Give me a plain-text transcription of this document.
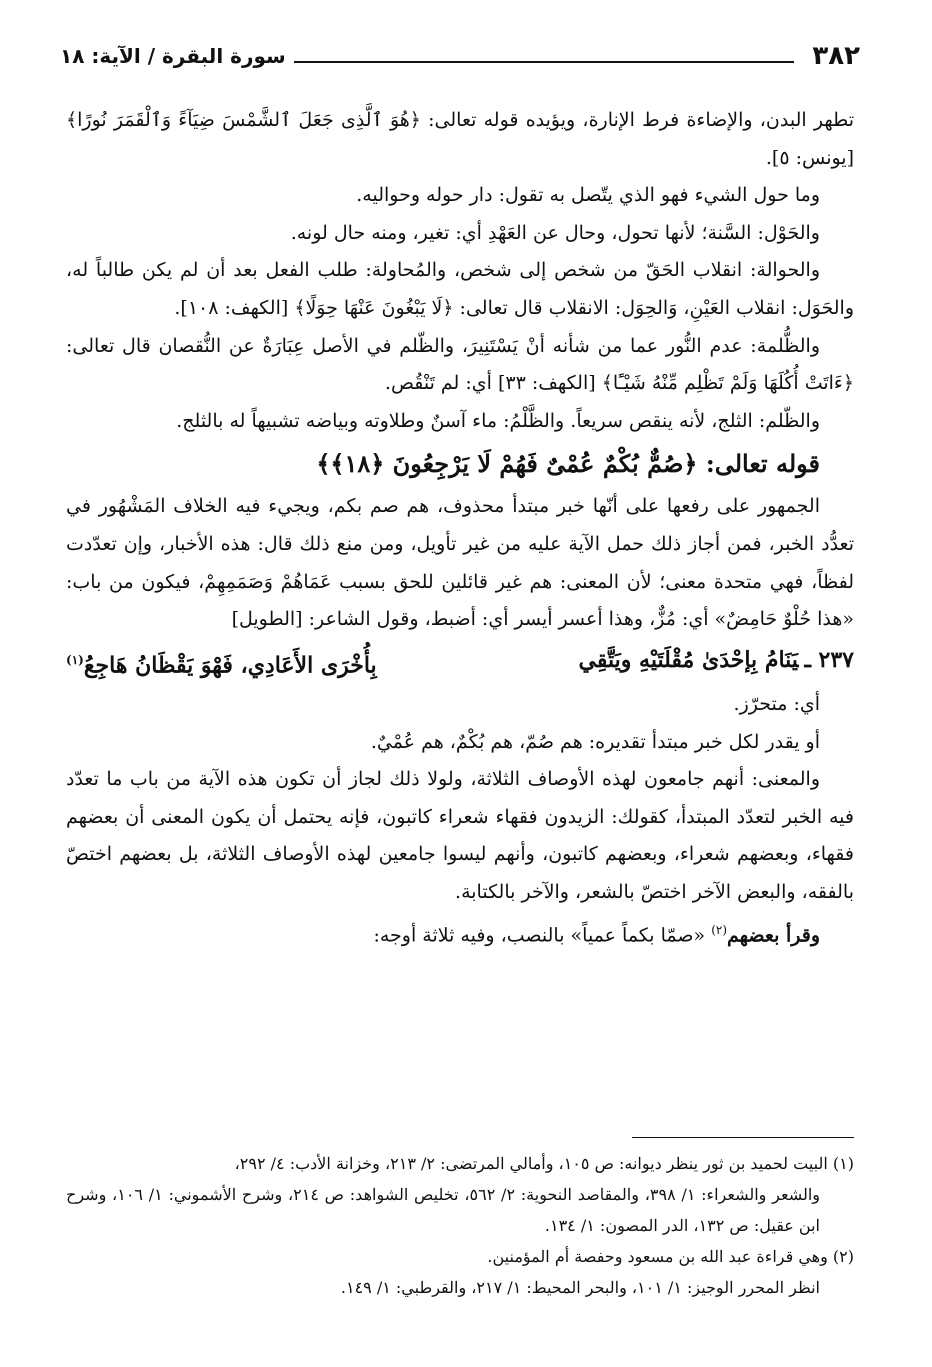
٣٨٢
سورة البقرة / الآية: ١٨

تطهر البدن، والإضاءة فرط الإنارة، ويؤيده قوله تعالى: ﴿هُوَ ٱلَّذِى جَعَلَ ٱلشَّمْسَ ضِيَآءً وَٱلْقَمَرَ نُورًا﴾ [يونس: ٥].

وما حول الشيء فهو الذي يتّصل به تقول: دار حوله وحواليه.

والحَوْل: السَّنة؛ لأنها تحول، وحال عن العَهْدِ أي: تغير، ومنه حال لونه.

والحوالة: انقلاب الحَقّ من شخص إلى شخص، والمُحاولة: طلب الفعل بعد أن لم يكن طالباً له، والحَوَل: انقلاب العَيْنِ، وَالحِوَل: الانقلاب قال تعالى: ﴿لَا يَبْغُونَ عَنْهَا حِوَلًا﴾ [الكهف: ١٠٨].

والظُّلمة: عدم النُّور عما من شأنه أنْ يَسْتَنِيرَ، والظّلم في الأصل عِبَارَةٌ عن النُّقصان قال تعالى: ﴿ءَاتَتْ أُكُلَهَا وَلَمْ تَظْلِم مِّنْهُ شَيْـًٔا﴾ [الكهف: ٣٣] أي: لم تَنْقُص.

والظّلم: الثلج، لأنه ينقص سريعاً. والظَّلْمُ: ماء آسنٌ وطلاوته وبياضه تشبيهاً له بالثلج.

قوله تعالى: ﴿صُمٌّ بُكْمٌ عُمْىٌ فَهُمْ لَا يَرْجِعُونَ ﴿١٨﴾﴾

الجمهور على رفعها على أنّها خبر مبتدأ محذوف، هم صم بكم، ويجيء فيه الخلاف المَشْهُور في تعدُّد الخبر، فمن أجاز ذلك حمل الآية عليه من غير تأويل، ومن منع ذلك قال: هذه الأخبار، وإن تعدّدت لفظاً، فهي متحدة معنى؛ لأن المعنى: هم غير قائلين للحق بسبب عَمَاهُمْ وَصَمَمِهِمْ، فيكون من باب: «هذا حُلْوٌ حَامِضٌ» أي: مُزٌّ، وهذا أعسر أيسر أي: أضبط، وقول الشاعر: [الطويل]

٢٣٧ ـيَنَامُ بِإحْدَىٰ مُقْلَتَيْهِ ويَتَّقِي
بِأُخْرَى الأَعَادِي، فَهْوَ يَقْظَانُ هَاجِعُ$^{(١)}$

أي: متحرّز.

أو يقدر لكل خبر مبتدأ تقديره: هم صُمّ، هم بُكْمٌ، هم عُمْيٌ.

والمعنى: أنهم جامعون لهذه الأوصاف الثلاثة، ولولا ذلك لجاز أن تكون هذه الآية من باب ما تعدّد فيه الخبر لتعدّد المبتدأ، كقولك: الزيدون فقهاء شعراء كاتبون، فإنه يحتمل أن يكون المعنى أن بعضهم فقهاء، وبعضهم شعراء، وبعضهم كاتبون، وأنهم ليسوا جامعين لهذه الأوصاف الثلاثة، بل بعضهم اختصّ بالفقه، والبعض الآخر اختصّ بالشعر، والآخر بالكتابة.

وقرأ بعضهم$^{(٢)}$ «صمّا بكماً عمياً» بالنصب، وفيه ثلاثة أوجه:

(١) البيت لحميد بن ثور ينظر ديوانه: ص ١٠٥، وأمالي المرتضى: ٢/ ٢١٣، وخزانة الأدب: ٤/ ٢٩٢،

والشعر والشعراء: ١/ ٣٩٨، والمقاصد النحوية: ٢/ ٥٦٢، تخليص الشواهد: ص ٢١٤، وشرح الأشموني: ١/ ١٠٦، وشرح ابن عقيل: ص ١٣٢، الدر المصون: ١/ ١٣٤.

(٢) وهي قراءة عبد الله بن مسعود وحفصة أم المؤمنين.

انظر المحرر الوجيز: ١/ ١٠١، والبحر المحيط: ١/ ٢١٧، والقرطبي: ١/ ١٤٩.
